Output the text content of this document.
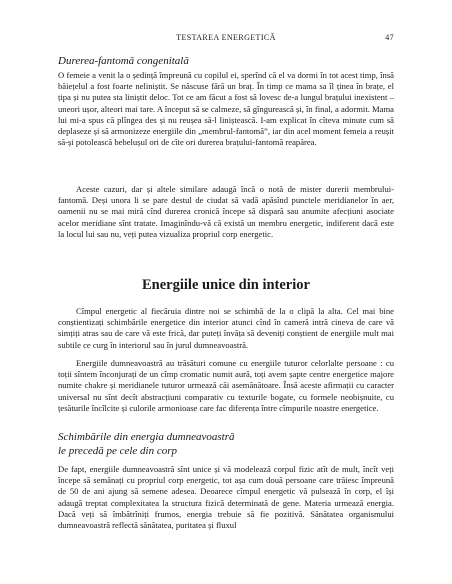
TESTAREA ENERGETICĂ	47
Durerea-fantomă congenitală

O femeie a venit la o ședință împreună cu copilul ei, sperînd că el va dormi în tot acest timp, însă băiețelul a fost foarte neliniștit. Se născuse fără un braț. În timp ce mama sa îl ținea în brațe, el țipa și nu putea sta liniștit deloc. Tot ce am făcut a fost să lovesc de-a lungul brațului inexistent – uneori ușor, alteori mai tare. A început să se calmeze, să gîngurească și, în final, a adormit. Mama lui mi-a spus că plîngea des și nu reușea să-l liniștească. I-am explicat în cîteva minute cum să deplaseze și să armonizeze energiile din „membrul-fantomă”, iar din acel moment femeia a reușit să-și potolească bebelușul ori de cîte ori durerea brațului-fantomă reapărea.

Aceste cazuri, dar și altele similare adaugă încă o notă de mister durerii membrului-fantomă. Deși unora li se pare destul de ciudat să vadă apăsînd punctele meridianelor în aer, oamenii nu se mai miră cînd durerea cronică începe să dispară sau anumite afecțiuni asociate acelor meridiane sînt tratate. Imaginîndu-vă că există un membru energetic, indiferent dacă este la locul lui sau nu, veți putea vizualiza propriul corp energetic.

Energiile unice din interior

Cîmpul energetic al fiecăruia dintre noi se schimbă de la o clipă la alta. Cel mai bine conștientizați schimbările energetice din interior atunci cînd în cameră intră cineva de care vă simțiți atras sau de care vă este frică, dar puteți învăța să deveniți conștient de energiile mult mai subtile ce curg în interiorul sau în jurul dumneavoastră.

Energiile dumneavoastră au trăsături comune cu energiile tuturor celorlalte persoane : cu toții sîntem înconjurați de un cîmp cromatic numit aură, toți avem șapte centre energetice majore numite chakre și meridianele tuturor urmează căi asemănătoare. Însă aceste afirmații cu caracter universal nu sînt decît abstracțiuni comparativ cu texturile bogate, cu formele neobișnuite, cu țesăturile încîlcite și culorile armonioase care fac diferența între cîmpurile noastre energetice.

Schimbările din energia dumneavoastră
le precedă pe cele din corp

De fapt, energiile dumneavoastră sînt unice și vă modelează corpul fizic atît de mult, încît veți începe să semănați cu propriul corp energetic, tot așa cum două persoane care trăiesc împreună de 50 de ani ajung să semene adesea. Deoarece cîmpul energetic vă pulsează în corp, el își adaugă treptat complexitatea la structura fizică determinată de gene. Materia urmează energia. Dacă veți să îmbătrîniți frumos, energia trebuie să fie pozitivă. Sănătatea organismului dumneavoastră reflectă sănătatea, puritatea și fluxul
